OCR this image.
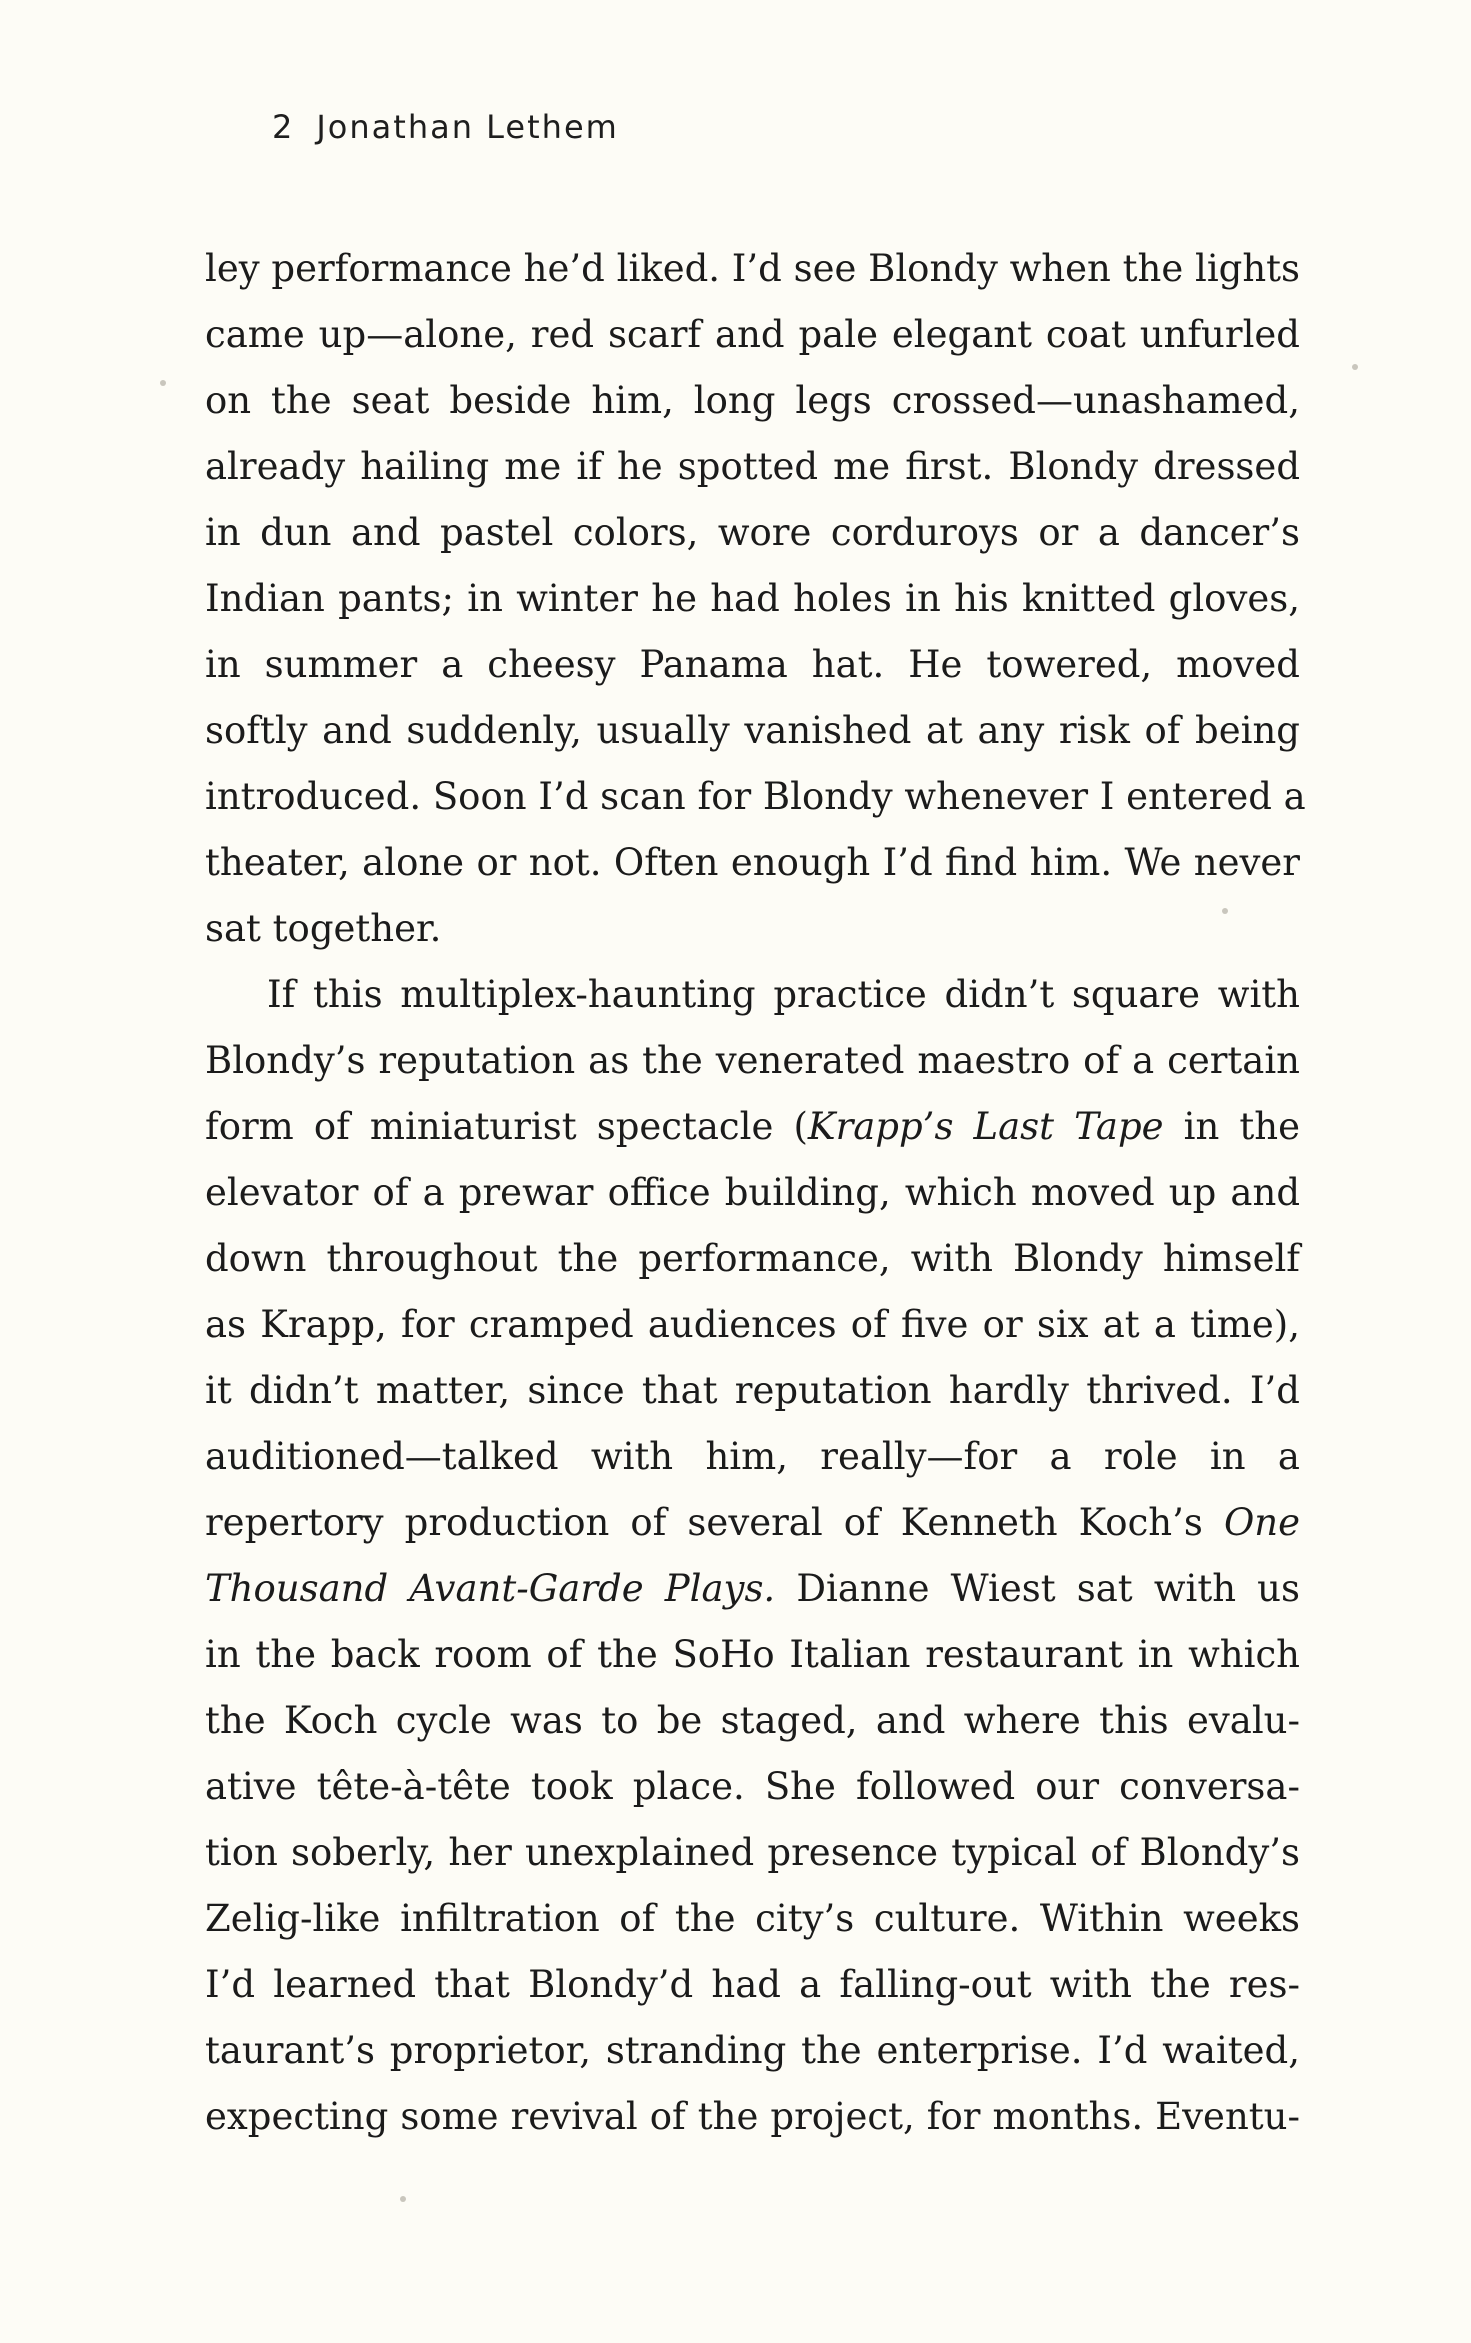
2 Jonathan Lethem
ley performance he’d liked. I’d see Blondy when the lights
came up—alone, red scarf and pale elegant coat unfurled
on the seat beside him, long legs crossed—unashamed,
already hailing me if he spotted me first. Blondy dressed
in dun and pastel colors, wore corduroys or a dancer’s
Indian pants; in winter he had holes in his knitted gloves,
in summer a cheesy Panama hat. He towered, moved
softly and suddenly, usually vanished at any risk of being
introduced. Soon I’d scan for Blondy whenever I entered a
theater, alone or not. Often enough I’d find him. We never
sat together.
If this multiplex-haunting practice didn’t square with
Blondy’s reputation as the venerated maestro of a certain
form of miniaturist spectacle (Krapp’s Last Tape in the
elevator of a prewar office building, which moved up and
down throughout the performance, with Blondy himself
as Krapp, for cramped audiences of five or six at a time),
it didn’t matter, since that reputation hardly thrived. I’d
auditioned—talked with him, really—for a role in a
repertory production of several of Kenneth Koch’s One
Thousand Avant-Garde Plays. Dianne Wiest sat with us
in the back room of the SoHo Italian restaurant in which
the Koch cycle was to be staged, and where this evalu-
ative tête-à-tête took place. She followed our conversa-
tion soberly, her unexplained presence typical of Blondy’s
Zelig-like infiltration of the city’s culture. Within weeks
I’d learned that Blondy’d had a falling-out with the res-
taurant’s proprietor, stranding the enterprise. I’d waited,
expecting some revival of the project, for months. Eventu-
